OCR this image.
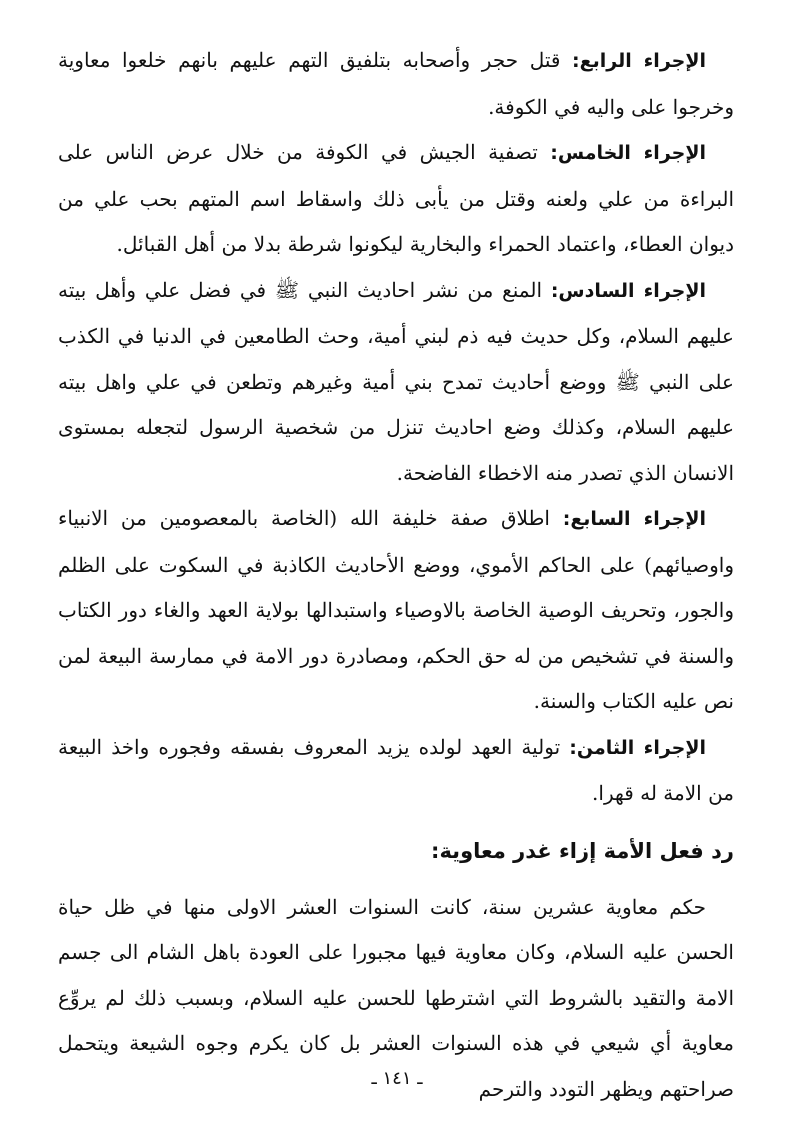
الإجراء الرابع: قتل حجر وأصحابه بتلفيق التهم عليهم بانهم خلعوا معاوية وخرجوا على واليه في الكوفة.

الإجراء الخامس: تصفية الجيش في الكوفة من خلال عرض الناس على البراءة من علي ولعنه وقتل من يأبى ذلك واسقاط اسم المتهم بحب علي من ديوان العطاء، واعتماد الحمراء والبخارية ليكونوا شرطة بدلا من أهل القبائل.

الإجراء السادس: المنع من نشر احاديث النبي ﷺ في فضل علي وأهل بيته عليهم السلام، وكل حديث فيه ذم لبني أمية، وحث الطامعين في الدنيا في الكذب على النبي ﷺ ووضع أحاديث تمدح بني أمية وغيرهم وتطعن في علي واهل بيته عليهم السلام، وكذلك وضع احاديث تنزل من شخصية الرسول لتجعله بمستوى الانسان الذي تصدر منه الاخطاء الفاضحة.

الإجراء السابع: اطلاق صفة خليفة الله (الخاصة بالمعصومين من الانبياء واوصيائهم) على الحاكم الأموي، ووضع الأحاديث الكاذبة في السكوت على الظلم والجور، وتحريف الوصية الخاصة بالاوصياء واستبدالها بولاية العهد والغاء دور الكتاب والسنة في تشخيص من له حق الحكم، ومصادرة دور الامة في ممارسة البيعة لمن نص عليه الكتاب والسنة.

الإجراء الثامن: تولية العهد لولده يزيد المعروف بفسقه وفجوره واخذ البيعة من الامة له قهرا.

رد فعل الأمة إزاء غدر معاوية:

حكم معاوية عشرين سنة، كانت السنوات العشر الاولى منها في ظل حياة الحسن عليه السلام، وكان معاوية فيها مجبورا على العودة باهل الشام الى جسم الامة والتقيد بالشروط التي اشترطها للحسن عليه السلام، وبسبب ذلك لم يروِّع معاوية أي شيعي في هذه السنوات العشر بل كان يكرم وجوه الشيعة ويتحمل صراحتهم ويظهر التودد والترحم

ـ ١٤١ ـ
